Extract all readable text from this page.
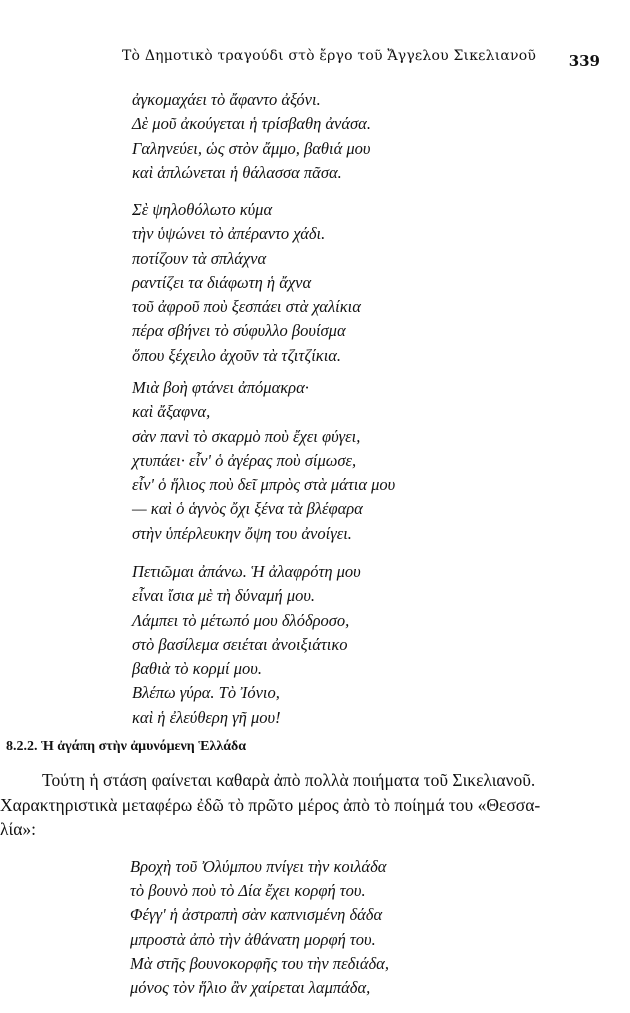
Τὸ Δημοτικὸ τραγούδι στὸ ἔργο τοῦ Ἄγγελου Σικελιανοῦ 339
ἀγκομαχάει τὸ ἄφαντο ἀξόνι.
Δὲ μοῦ ἀκούγεται ἡ τρίσβαθη ἀνάσα.
Γαληνεύει, ὡς στὸν ἄμμο, βαθιά μου
καὶ ἁπλώνεται ἡ θάλασσα πᾶσα.
Σὲ ψηλοθόλωτο κύμα
τὴν ὑψώνει τὸ ἀπέραντο χάδι.
ποτίζουν τὰ σπλάχνα
ραντίζει τα διάφωτη ἡ ἄχνα
τοῦ ἀφροῦ ποὺ ξεσπάει στὰ χαλίκια
πέρα σβήνει τὸ σύφυλλο βουίσμα
ὅπου ξέχειλο ἀχοῦν τὰ τζιτζίκια.
Μιὰ βοὴ φτάνει ἀπόμακρα·
καὶ ἄξαφνα,
σὰν πανὶ τὸ σκαρμὸ ποὺ ἔχει φύγει,
χτυπάει· εἶν' ὁ ἀγέρας ποὺ σίμωσε,
εἶν' ὁ ἥλιος ποὺ δεῖ μπρὸς στὰ μάτια μου
— καὶ ὁ ἁγνὸς ὄχι ξένα τὰ βλέφαρα
στὴν ὑπέρλευκην ὄψη του ἀνοίγει.
Πετιῶμαι ἀπάνω. Ἡ ἀλαφρότη μου
εἶναι ἴσια μὲ τὴ δύναμή μου.
Λάμπει τὸ μέτωπό μου δλόδροσο,
στὸ βασίλεμα σειέται ἀνοιξιάτικο
βαθιὰ τὸ κορμί μου.
Βλέπω γύρα. Τὸ Ἰόνιο,
καὶ ἡ ἐλεύθερη γῆ μου!
8.2.2. Ἡ ἀγάπη στὴν ἀμυνόμενη Ἑλλάδα

Τούτη ἡ στάση φαίνεται καθαρὰ ἀπὸ πολλὰ ποιήματα τοῦ Σικελιανοῦ.
Χαρακτηριστικὰ μεταφέρω ἐδῶ τὸ πρῶτο μέρος ἀπὸ τὸ ποίημά του «Θεσσα-
λία»:

Βροχὴ τοῦ Ὀλύμπου πνίγει τὴν κοιλάδα
τὸ βουνὸ ποὺ τὸ Δία ἔχει κορφή του.
Φέγγ' ἡ ἀστραπὴ σὰν καπνισμένη δάδα
μπροστὰ ἀπὸ τὴν ἀθάνατη μορφή του.
Μὰ στῆς βουνοκορφῆς του τὴν πεδιάδα,
μόνος τὸν ἥλιο ἂν χαίρεται λαμπάδα,
